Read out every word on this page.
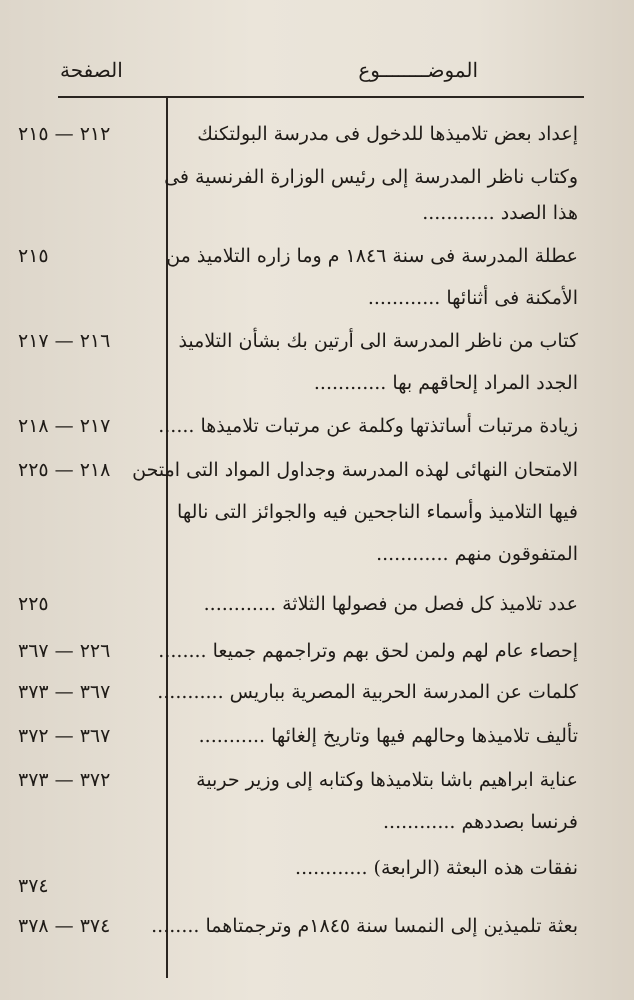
الموضــــــــوع
الصفحة
إعداد بعض تلاميذها للدخول فى مدرسة البولتكنك
وكتاب ناظر المدرسة إلى رئيس الوزارة الفرنسية فى
هذا الصدد ............
٢١٢ — ٢١٥
عطلة المدرسة فى سنة ١٨٤٦ م وما زاره التلاميذ من
الأمكنة فى أثنائها ............
٢١٥
كتاب من ناظر المدرسة الى أرتين بك بشأن التلاميذ
الجدد المراد إلحاقهم بها ............
٢١٦ — ٢١٧
زيادة مرتبات أساتذتها وكلمة عن مرتبات تلاميذها ......
٢١٧ — ٢١٨
الامتحان النهائى لهذه المدرسة وجداول المواد التى امتحن
فيها التلاميذ وأسماء الناجحين فيه والجوائز التى نالها
المتفوقون منهم ............
٢١٨ — ٢٢٥
عدد تلاميذ كل فصل من فصولها الثلاثة ............
٢٢٥
إحصاء عام لهم ولمن لحق بهم وتراجمهم جميعا ........
٢٢٦ — ٣٦٧
كلمات عن المدرسة الحربية المصرية بباريس ...........
٣٦٧ — ٣٧٣
تأليف تلاميذها وحالهم فيها وتاريخ إلغائها ...........
٣٦٧ — ٣٧٢
عناية ابراهيم باشا بتلاميذها وكتابه إلى وزير حربية
فرنسا بصددهم ............
٣٧٢ — ٣٧٣
نفقات هذه البعثة (الرابعة) ............
٣٧٤
بعثة تلميذين إلى النمسا سنة ١٨٤٥م وترجمتاهما ........
٣٧٤ — ٣٧٨
